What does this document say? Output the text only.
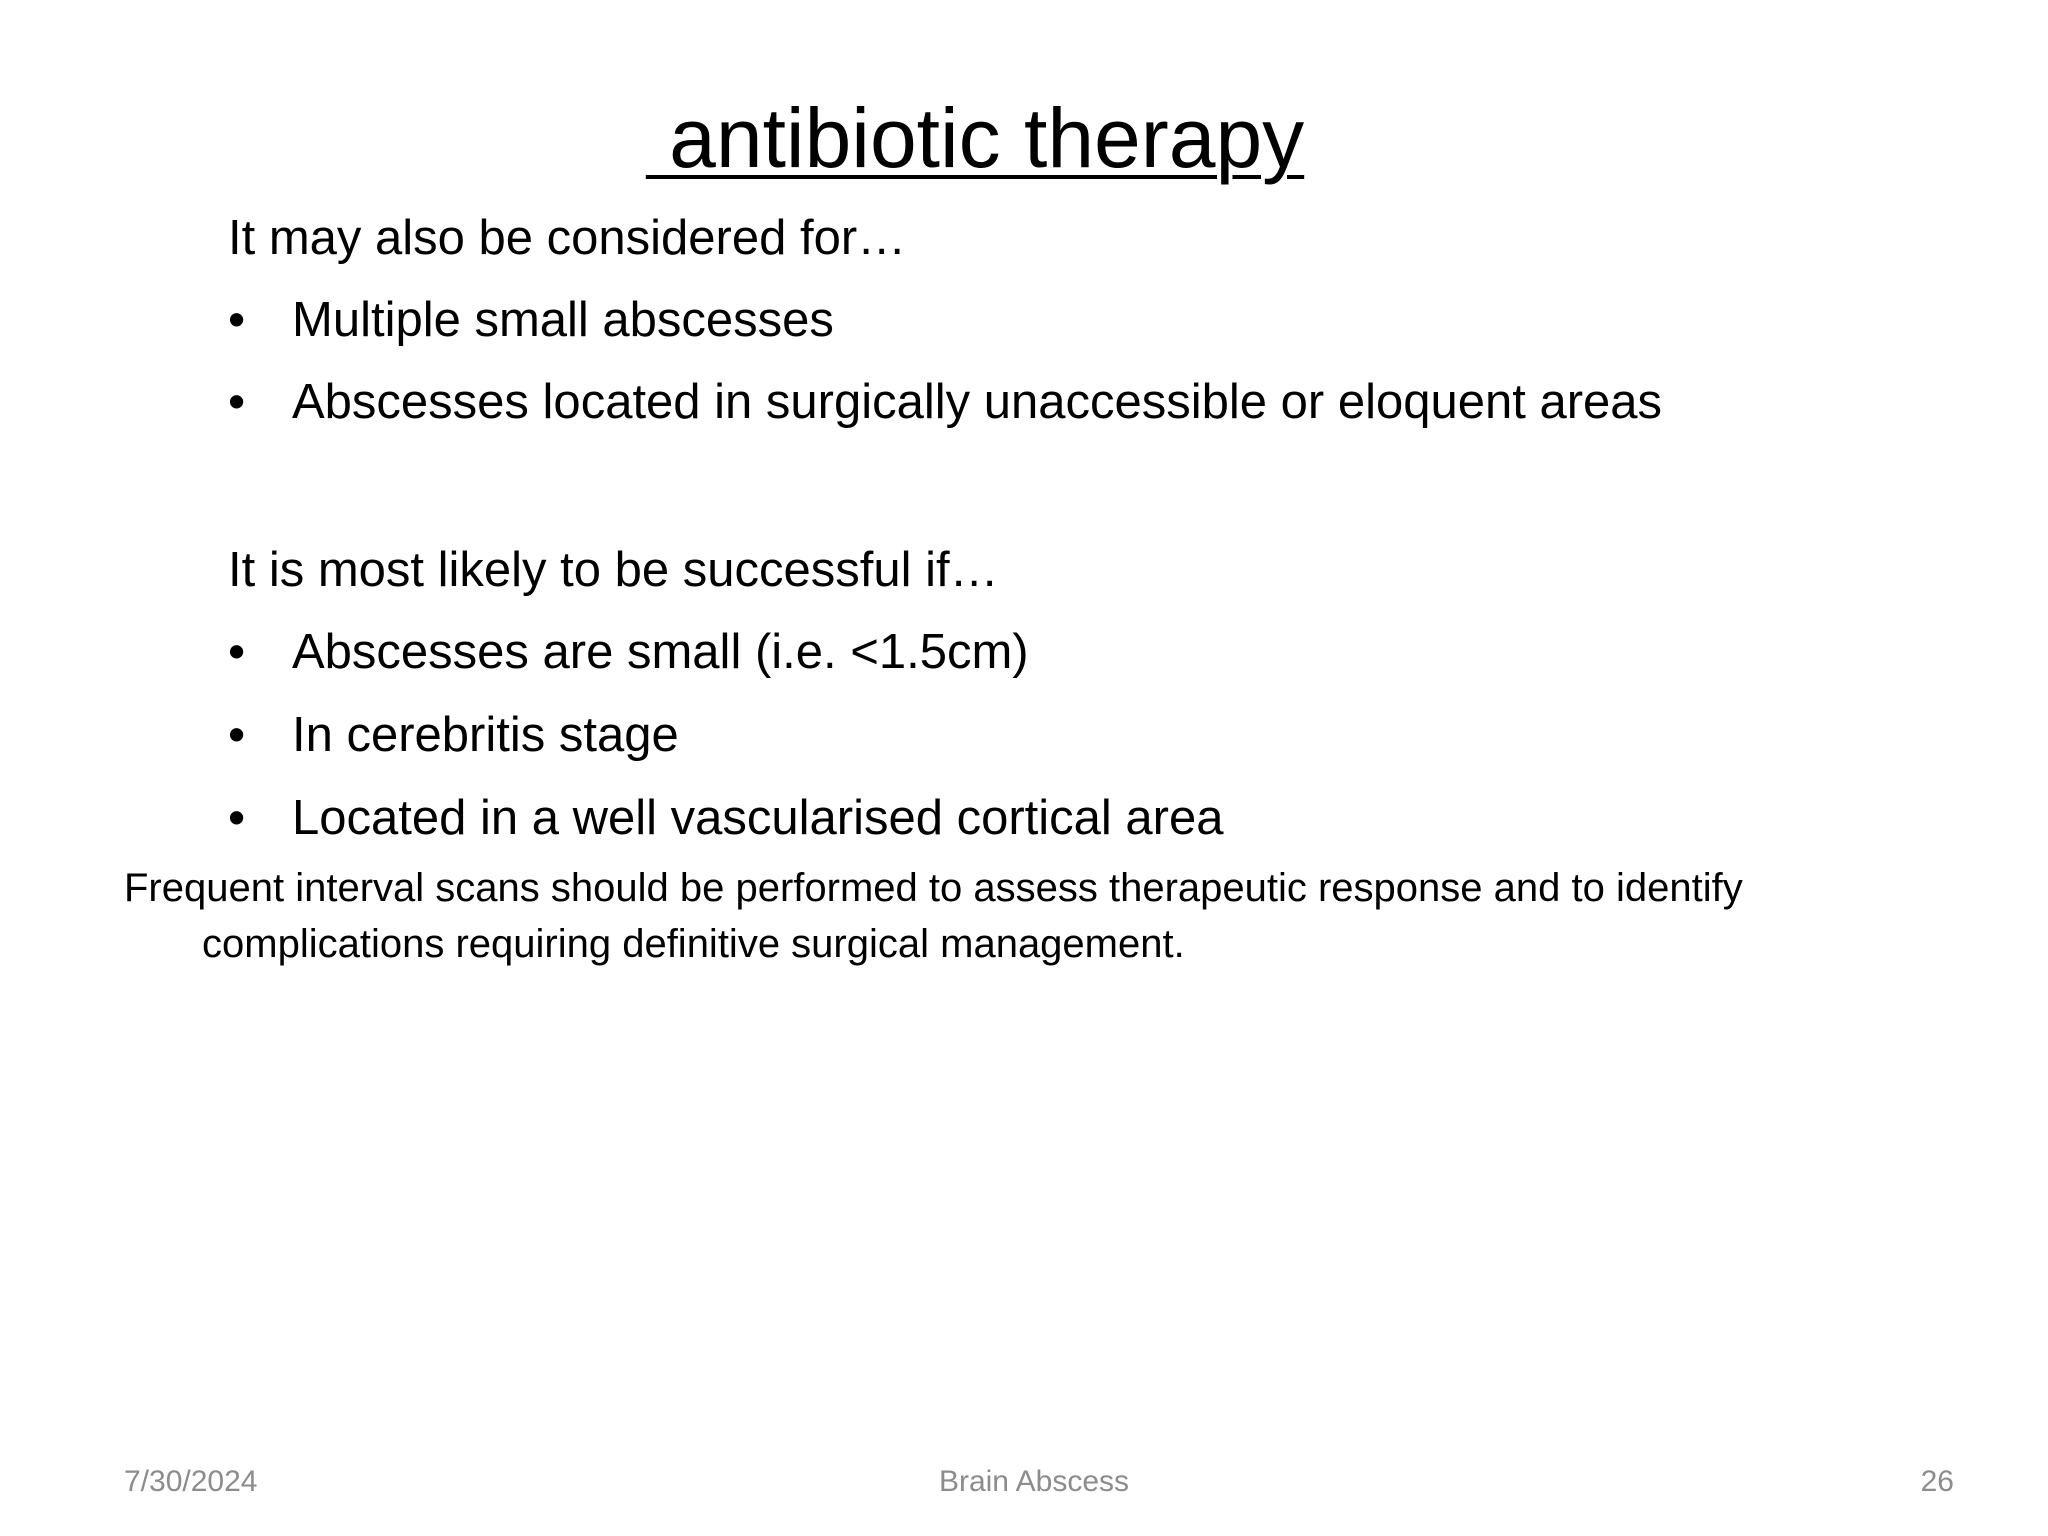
antibiotic therapy
It may also be considered for…
• Multiple small abscesses
• Abscesses located in surgically unaccessible or eloquent areas
It is most likely to be successful if…
• Abscesses are small (i.e. <1.5cm)
• In cerebritis stage
• Located in a well vascularised cortical area

Frequent interval scans should be performed to assess therapeutic response and to identify complications requiring definitive surgical management.

7/30/2024	Brain Abscess	26
